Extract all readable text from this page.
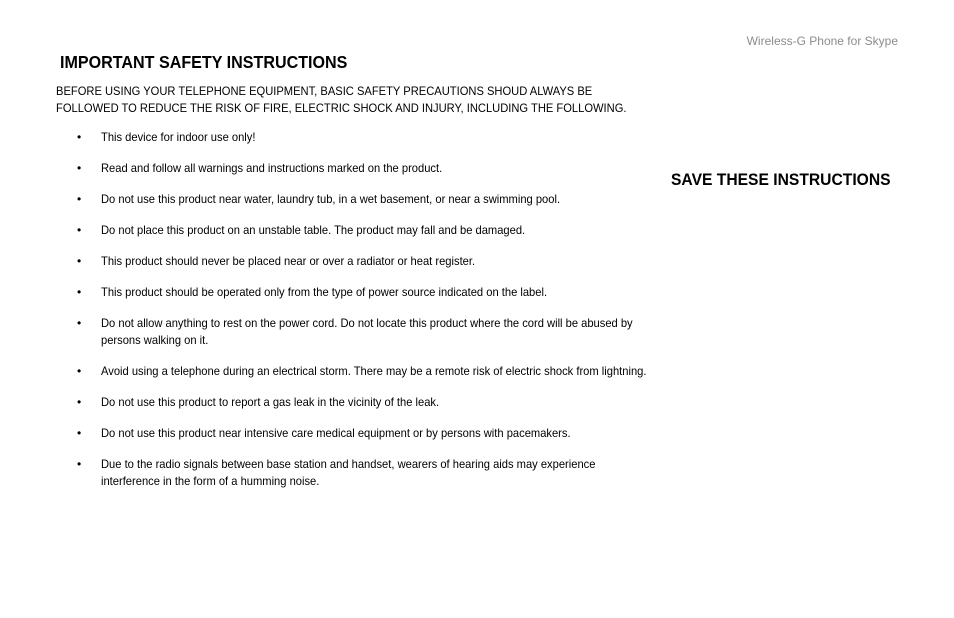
Wireless-G Phone for Skype
IMPORTANT SAFETY INSTRUCTIONS
BEFORE USING YOUR TELEPHONE EQUIPMENT, BASIC SAFETY PRECAUTIONS SHOUD ALWAYS BE FOLLOWED TO REDUCE THE RISK OF FIRE, ELECTRIC SHOCK AND INJURY, INCLUDING THE FOLLOWING.
• This device for indoor use only!
• Read and follow all warnings and instructions marked on the product.
• Do not use this product near water, laundry tub, in a wet basement, or near a swimming pool.
• Do not place this product on an unstable table. The product may fall and be damaged.
• This product should never be placed near or over a radiator or heat register.
• This product should be operated only from the type of power source indicated on the label.
• Do not allow anything to rest on the power cord. Do not locate this product where the cord will be abused by persons walking on it.
• Avoid using a telephone during an electrical storm. There may be a remote risk of electric shock from lightning.
• Do not use this product to report a gas leak in the vicinity of the leak.
• Do not use this product near intensive care medical equipment or by persons with pacemakers.
• Due to the radio signals between base station and handset, wearers of hearing aids may experience interference in the form of a humming noise.
SAVE THESE INSTRUCTIONS
